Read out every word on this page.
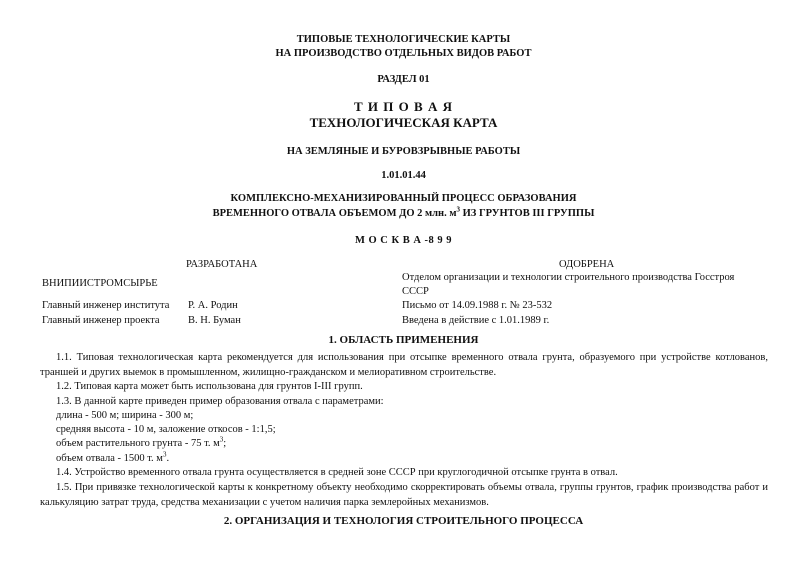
ТИПОВЫЕ ТЕХНОЛОГИЧЕСКИЕ КАРТЫ
НА ПРОИЗВОДСТВО ОТДЕЛЬНЫХ ВИДОВ РАБОТ
РАЗДЕЛ 01
Т И П О В А Я
ТЕХНОЛОГИЧЕСКАЯ КАРТА
НА ЗЕМЛЯНЫЕ И БУРОВЗРЫВНЫЕ РАБОТЫ
1.01.01.44
КОМПЛЕКСНО-МЕХАНИЗИРОВАННЫЙ ПРОЦЕСС ОБРАЗОВАНИЯ
ВРЕМЕННОГО ОТВАЛА ОБЪЕМОМ ДО 2 млн. $м^3$ ИЗ ГРУНТОВ III ГРУППЫ
М О С К В А -8 9 9
РАЗРАБОТАНА
ВНИПИИСТРОМСЫРЬЕ
Главный инженер института Р. А. Родин
Главный инженер проекта	В. Н. Буман
ОДОБРЕНА
Отделом организации и технологии строительного производства Госстроя
СССР
Письмо от 14.09.1988 г. № 23-532
Введена в действие с 1.01.1989 г.
1. ОБЛАСТЬ ПРИМЕНЕНИЯ
1.1. Типовая технологическая карта рекомендуется для использования при отсыпке временного отвала грунта, образуемого при устройстве котлованов, траншей и других выемок в промышленном, жилищно-гражданском и мелиоративном строительстве.
1.2. Типовая карта может быть использована для грунтов I-III групп.
1.3. В данной карте приведен пример образования отвала с параметрами:
длина - 500 м; ширина - 300 м;
средняя высота - 10 м, заложение откосов - 1:1,5;
объем растительного грунта - 75 т. $м^3$;
объем отвала - 1500 т. $м^3$.
1.4. Устройство временного отвала грунта осуществляется в средней зоне СССР при круглогодичной отсыпке грунта в отвал.
1.5. При привязке технологической карты к конкретному объекту необходимо скорректировать объемы отвала, группы грунтов, график производства работ и калькуляцию затрат труда, средства механизации с учетом наличия парка землеройных механизмов.
2. ОРГАНИЗАЦИЯ И ТЕХНОЛОГИЯ СТРОИТЕЛЬНОГО ПРОЦЕССА
